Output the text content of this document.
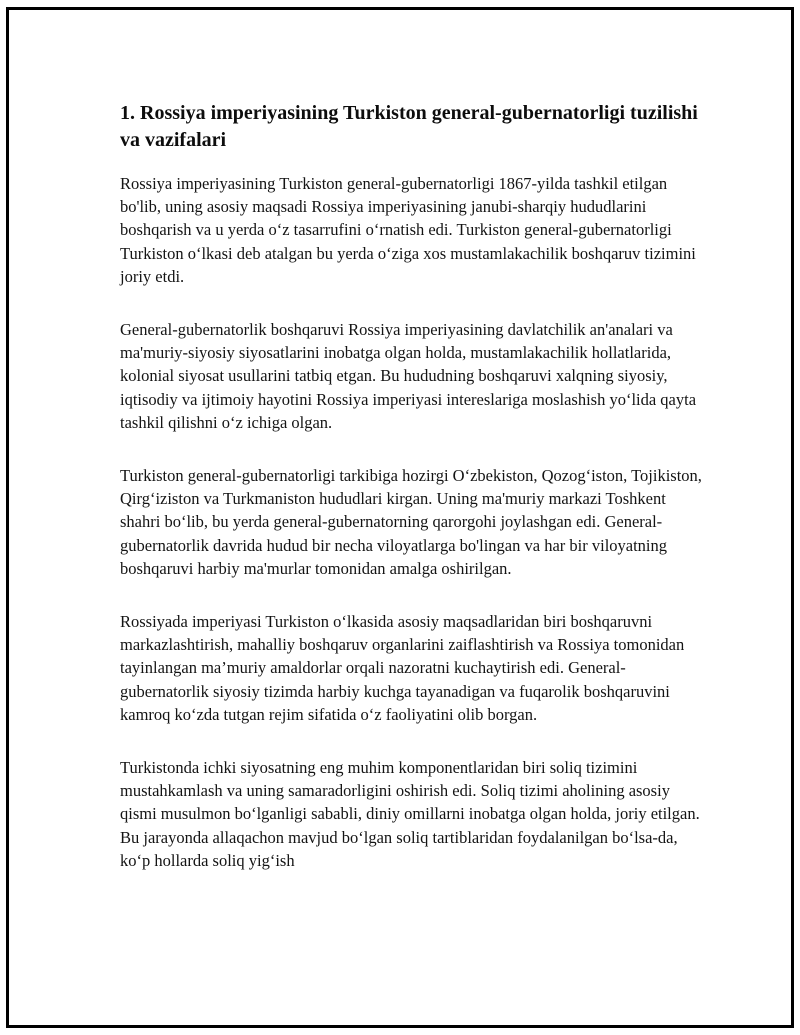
1. Rossiya imperiyasining Turkiston general-gubernatorligi tuzilishi va vazifalari

Rossiya imperiyasining Turkiston general-gubernatorligi 1867-yilda tashkil etilgan bo'lib, uning asosiy maqsadi Rossiya imperiyasining janubi-sharqiy hududlarini boshqarish va u yerda o‘z tasarrufini o‘rnatish edi. Turkiston general-gubernatorligi Turkiston o‘lkasi deb atalgan bu yerda o‘ziga xos mustamlakachilik boshqaruv tizimini joriy etdi.

General-gubernatorlik boshqaruvi Rossiya imperiyasining davlatchilik an'analari va ma'muriy-siyosiy siyosatlarini inobatga olgan holda, mustamlakachilik hollatlarida, kolonial siyosat usullarini tatbiq etgan. Bu hududning boshqaruvi xalqning siyosiy, iqtisodiy va ijtimoiy hayotini Rossiya imperiyasi intereslariga moslashish yo‘lida qayta tashkil qilishni o‘z ichiga olgan.

Turkiston general-gubernatorligi tarkibiga hozirgi O‘zbekiston, Qozog‘iston, Tojikiston, Qirg‘iziston va Turkmaniston hududlari kirgan. Uning ma'muriy markazi Toshkent shahri bo‘lib, bu yerda general-gubernatorning qarorgohi joylashgan edi. General-gubernatorlik davrida hudud bir necha viloyatlarga bo'lingan va har bir viloyatning boshqaruvi harbiy ma'murlar tomonidan amalga oshirilgan.

Rossiyada imperiyasi Turkiston o‘lkasida asosiy maqsadlaridan biri boshqaruvni markazlashtirish, mahalliy boshqaruv organlarini zaiflashtirish va Rossiya tomonidan tayinlangan ma’muriy amaldorlar orqali nazoratni kuchaytirish edi. General-gubernatorlik siyosiy tizimda harbiy kuchga tayanadigan va fuqarolik boshqaruvini kamroq ko‘zda tutgan rejim sifatida o‘z faoliyatini olib borgan.

Turkistonda ichki siyosatning eng muhim komponentlaridan biri soliq tizimini mustahkamlash va uning samaradorligini oshirish edi. Soliq tizimi aholining asosiy qismi musulmon bo‘lganligi sababli, diniy omillarni inobatga olgan holda, joriy etilgan. Bu jarayonda allaqachon mavjud bo‘lgan soliq tartiblaridan foydalanilgan bo‘lsa-da, ko‘p hollarda soliq yig‘ish
